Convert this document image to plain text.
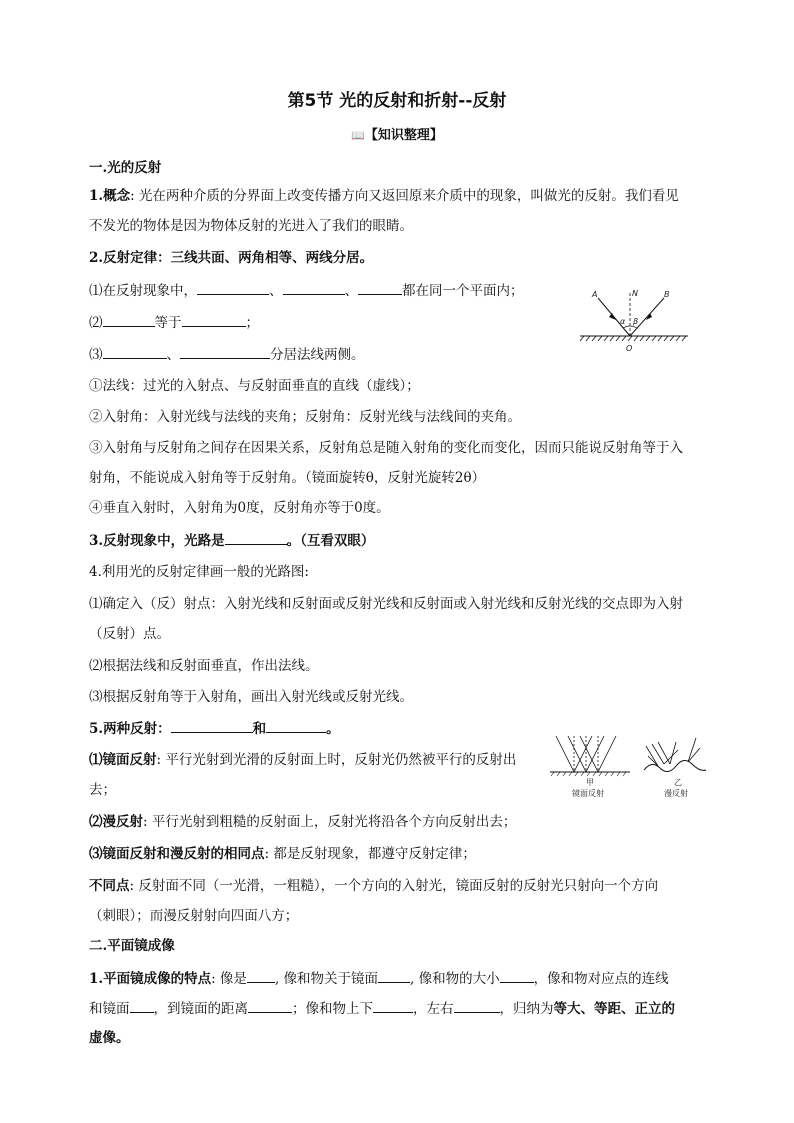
第5节 光的反射和折射--反射
📖【知识整理】
一.光的反射
1.概念: 光在两种介质的分界面上改变传播方向又返回原来介质中的现象，叫做光的反射。我们看见
不发光的物体是因为物体反射的光进入了我们的眼睛。
2.反射定律：三线共面、两角相等、两线分居。
⑴在反射现象中，	、	、	都在同一个平面内；
⑵	等于	；
⑶	、	分居法线两侧。
A	N	B
α β
O
①法线：过光的入射点、与反射面垂直的直线（虚线）；
②入射角：入射光线与法线的夹角；反射角：反射光线与法线间的夹角。
③入射角与反射角之间存在因果关系，反射角总是随入射角的变化而变化，因而只能说反射角等于入
射角，不能说成入射角等于反射角。（镜面旋转θ，反射光旋转2θ）
④垂直入射时，入射角为0度，反射角亦等于0度。
3.反射现象中，光路是	。（互看双眼）
4.利用光的反射定律画一般的光路图:
⑴确定入（反）射点：入射光线和反射面或反射光线和反射面或入射光线和反射光线的交点即为入射
（反射）点。
⑵根据法线和反射面垂直，作出法线。
⑶根据反射角等于入射角，画出入射光线或反射光线。
5.两种反射：	和	。
⑴镜面反射: 平行光射到光滑的反射面上时，反射光仍然被平行的反射出
去；	甲
镜面反射
乙
漫反射
⑵漫反射: 平行光射到粗糙的反射面上，反射光将沿各个方向反射出去；
⑶镜面反射和漫反射的相同点: 都是反射现象，都遵守反射定律；
不同点: 反射面不同（一光滑，一粗糙），一个方向的入射光，镜面反射的反射光只射向一个方向
（刺眼）；而漫反射射向四面八方；
二.平面镜成像
1.平面镜成像的特点: 像是 , 像和物关于镜面 , 像和物的大小	，像和物对应点的连线
和镜面 ，到镜面的距离	；像和物上下	，左右	，归纳为等大、等距、正立的
虚像。
